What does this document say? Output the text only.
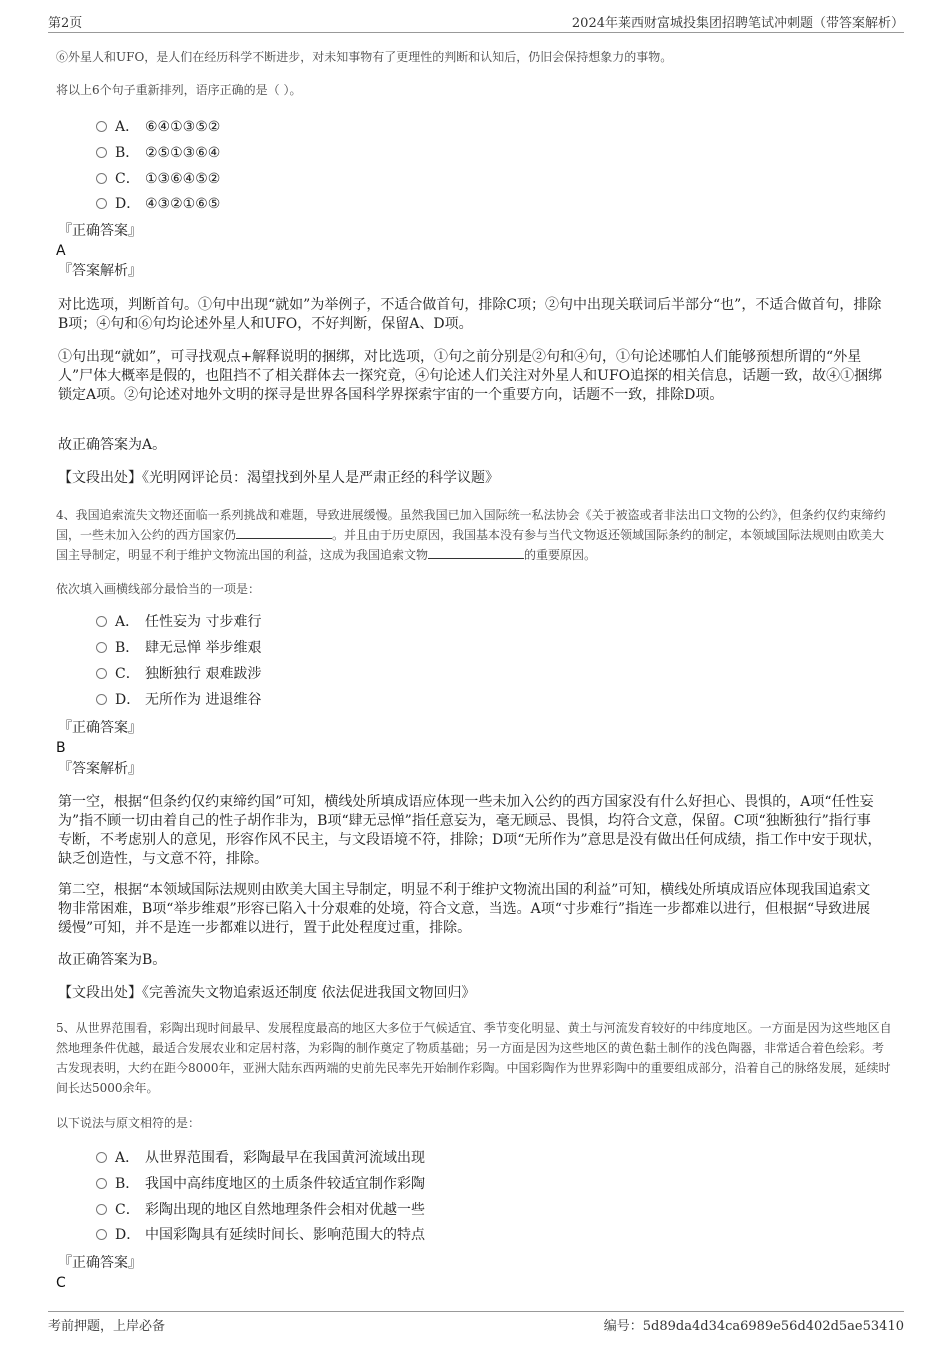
第2页	2024年莱西财富城投集团招聘笔试冲刺题（带答案解析）
⑥外星人和UFO，是人们在经历科学不断进步，对未知事物有了更理性的判断和认知后，仍旧会保持想象力的事物。
将以上6个句子重新排列，语序正确的是（ ）。
A． ⑥④①③⑤②
B． ②⑤①③⑥④
C． ①③⑥④⑤②
D． ④③②①⑥⑤
『正确答案』
A
『答案解析』
对比选项，判断首句。①句中出现“就如”为举例子，不适合做首句，排除C项；②句中出现关联词后半部分“也”，不适合做首句，排除B项；④句和⑥句均论述外星人和UFO，不好判断，保留A、D项。
①句出现“就如”，可寻找观点+解释说明的捆绑，对比选项，①句之前分别是②句和④句，①句论述哪怕人们能够预想所谓的“外星人”尸体大概率是假的，也阻挡不了相关群体去一探究竟，④句论述人们关注对外星人和UFO追探的相关信息，话题一致，故④①捆绑锁定A项。②句论述对地外文明的探寻是世界各国科学界探索宇宙的一个重要方向，话题不一致，排除D项。
故正确答案为A。
【文段出处】《光明网评论员：渴望找到外星人是严肃正经的科学议题》
4、我国追索流失文物还面临一系列挑战和难题，导致进展缓慢。虽然我国已加入国际统一私法协会《关于被盗或者非法出口文物的公约》，但条约仅约束缔约国，一些未加入公约的西方国家仍	。并且由于历史原因，我国基本没有参与当代文物返还领域国际条约的制定，本领域国际法规则由欧美大国主导制定，明显不利于维护文物流出国的利益，这成为我国追索文物	的重要原因。
依次填入画横线部分最恰当的一项是：
A． 任性妄为 寸步难行
B． 肆无忌惮 举步维艰
C． 独断独行 艰难跋涉
D． 无所作为 进退维谷
『正确答案』
B
『答案解析』
第一空，根据“但条约仅约束缔约国”可知，横线处所填成语应体现一些未加入公约的西方国家没有什么好担心、畏惧的，A项“任性妄为”指不顾一切由着自己的性子胡作非为，B项“肆无忌惮”指任意妄为，毫无顾忌、畏惧，均符合文意，保留。C项“独断独行”指行事专断，不考虑别人的意见，形容作风不民主，与文段语境不符，排除；D项“无所作为”意思是没有做出任何成绩，指工作中安于现状，缺乏创造性，与文意不符，排除。
第二空，根据“本领域国际法规则由欧美大国主导制定，明显不利于维护文物流出国的利益”可知，横线处所填成语应体现我国追索文物非常困难，B项“举步维艰”形容已陷入十分艰难的处境，符合文意，当选。A项“寸步难行”指连一步都难以进行，但根据“导致进展缓慢”可知，并不是连一步都难以进行，置于此处程度过重，排除。
故正确答案为B。
【文段出处】《完善流失文物追索返还制度 依法促进我国文物回归》
5、从世界范围看，彩陶出现时间最早、发展程度最高的地区大多位于气候适宜、季节变化明显、黄土与河流发育较好的中纬度地区。一方面是因为这些地区自然地理条件优越，最适合发展农业和定居村落，为彩陶的制作奠定了物质基础；另一方面是因为这些地区的黄色黏土制作的浅色陶器，非常适合着色绘彩。考古发现表明，大约在距今8000年，亚洲大陆东西两端的史前先民率先开始制作彩陶。中国彩陶作为世界彩陶中的重要组成部分，沿着自己的脉络发展，延续时间长达5000余年。
以下说法与原文相符的是：
A． 从世界范围看，彩陶最早在我国黄河流域出现
B． 我国中高纬度地区的土质条件较适宜制作彩陶
C． 彩陶出现的地区自然地理条件会相对优越一些
D． 中国彩陶具有延续时间长、影响范围大的特点
『正确答案』
C
考前押题，上岸必备	编号：5d89da4d34ca6989e56d402d5ae53410
